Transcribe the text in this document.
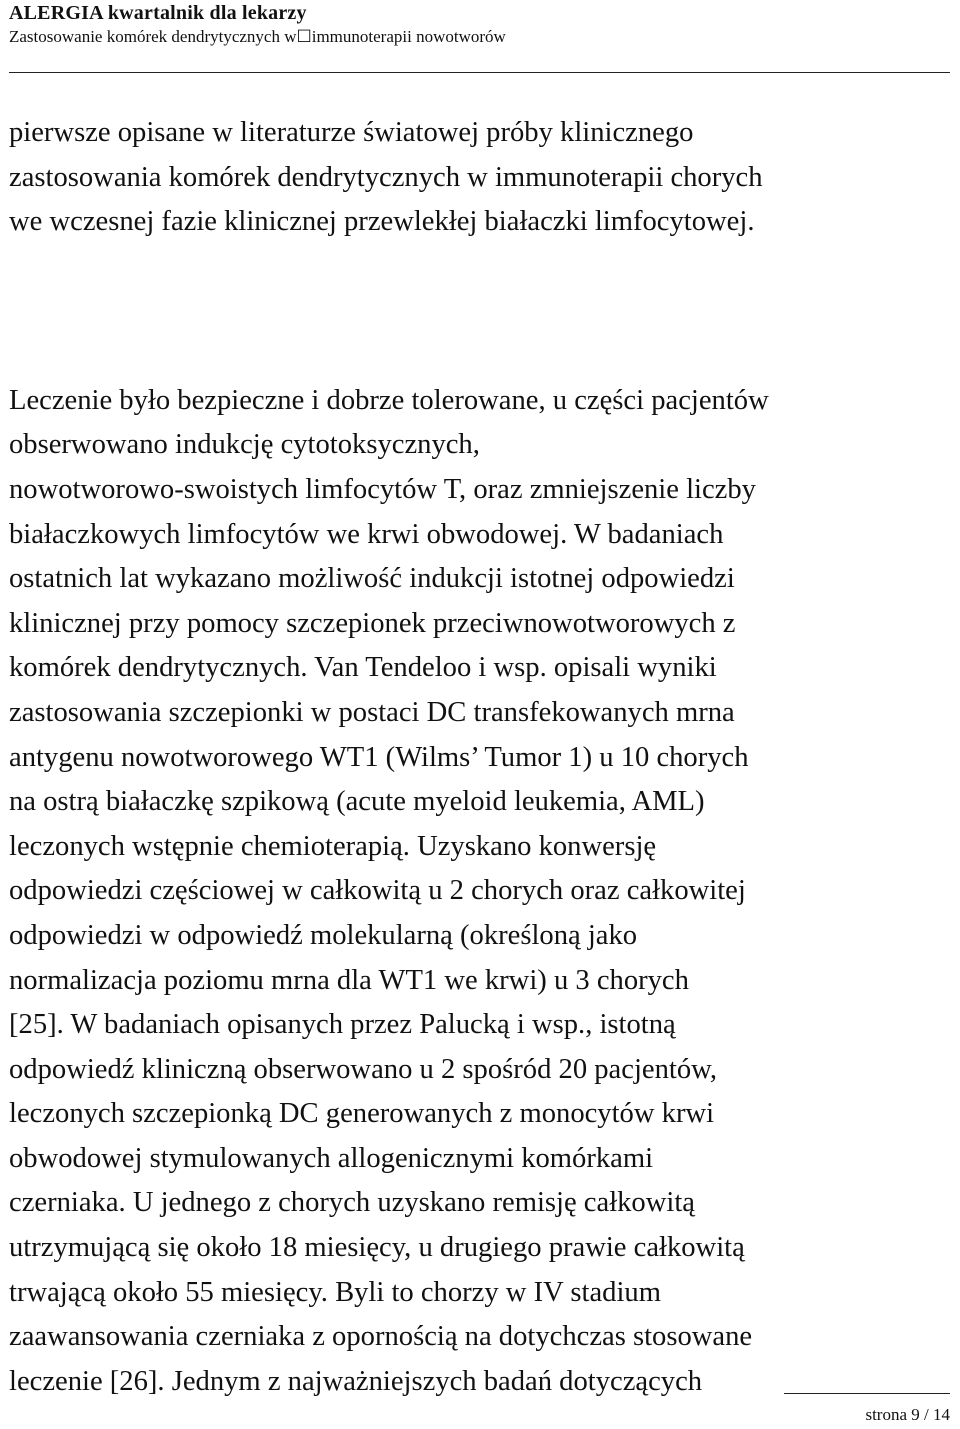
ALERGIA kwartalnik dla lekarzy

Zastosowanie komórek dendrytycznych w☐immunoterapii nowotworów

pierwsze opisane w literaturze światowej próby klinicznego
zastosowania komórek dendrytycznych w immunoterapii chorych
we wczesnej fazie klinicznej przewlekłej białaczki limfocytowej.

Leczenie było bezpieczne i dobrze tolerowane, u części pacjentów
obserwowano indukcję cytotoksycznych,
nowotworowo-swoistych limfocytów T, oraz zmniejszenie liczby
białaczkowych limfocytów we krwi obwodowej. W badaniach
ostatnich lat wykazano możliwość indukcji istotnej odpowiedzi
klinicznej przy pomocy szczepionek przeciwnowotworowych z
komórek dendrytycznych. Van Tendeloo i wsp. opisali wyniki
zastosowania szczepionki w postaci DC transfekowanych mrna
antygenu nowotworowego WT1 (Wilms’ Tumor 1) u 10 chorych
na ostrą białaczkę szpikową (acute myeloid leukemia, AML)
leczonych wstępnie chemioterapią. Uzyskano konwersję
odpowiedzi częściowej w całkowitą u 2 chorych oraz całkowitej
odpowiedzi w odpowiedź molekularną (określoną jako
normalizacja poziomu mrna dla WT1 we krwi) u 3 chorych
[25]. W badaniach opisanych przez Palucką i wsp., istotną
odpowiedź kliniczną obserwowano u 2 spośród 20 pacjentów,
leczonych szczepionką DC generowanych z monocytów krwi
obwodowej stymulowanych allogenicznymi komórkami
czerniaka. U jednego z chorych uzyskano remisję całkowitą
utrzymującą się około 18 miesięcy, u drugiego prawie całkowitą
trwającą około 55 miesięcy. Byli to chorzy w IV stadium
zaawansowania czerniaka z opornością na dotychczas stosowane
leczenie [26]. Jednym z najważniejszych badań dotyczących

strona 9 / 14
